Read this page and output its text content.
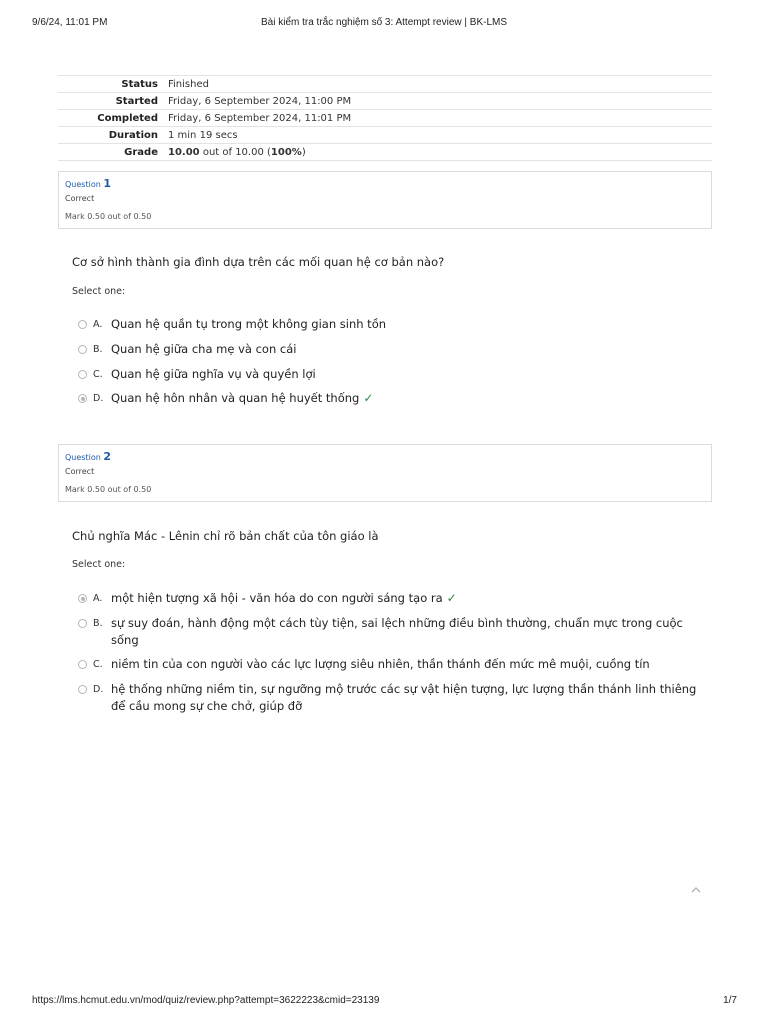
9/6/24, 11:01 PM	Bài kiểm tra trắc nghiệm số 3: Attempt review | BK-LMS
Status	Finished
Started	Friday, 6 September 2024, 11:00 PM
Completed	Friday, 6 September 2024, 11:01 PM
Duration	1 min 19 secs
Grade	10.00 out of 10.00 (100%)
Question 1
Correct
Mark 0.50 out of 0.50
Cơ sở hình thành gia đình dựa trên các mối quan hệ cơ bản nào?
Select one:
A. Quan hệ quần tụ trong một không gian sinh tồn
B. Quan hệ giữa cha mẹ và con cái
C. Quan hệ giữa nghĩa vụ và quyền lợi
D. Quan hệ hôn nhân và quan hệ huyết thống ✓
Question 2
Correct
Mark 0.50 out of 0.50
Chủ nghĩa Mác - Lênin chỉ rõ bản chất của tôn giáo là
Select one:
A. một hiện tượng xã hội - văn hóa do con người sáng tạo ra ✓
B. sự suy đoán, hành động một cách tùy tiện, sai lệch những điều bình thường, chuẩn mực trong cuộc sống
C. niềm tin của con người vào các lực lượng siêu nhiên, thần thánh đến mức mê muội, cuồng tín
D. hệ thống những niềm tin, sự ngưỡng mộ trước các sự vật hiện tượng, lực lượng thần thánh linh thiêng để cầu mong sự che chở, giúp đỡ
https://lms.hcmut.edu.vn/mod/quiz/review.php?attempt=3622223&cmid=23139	1/7
